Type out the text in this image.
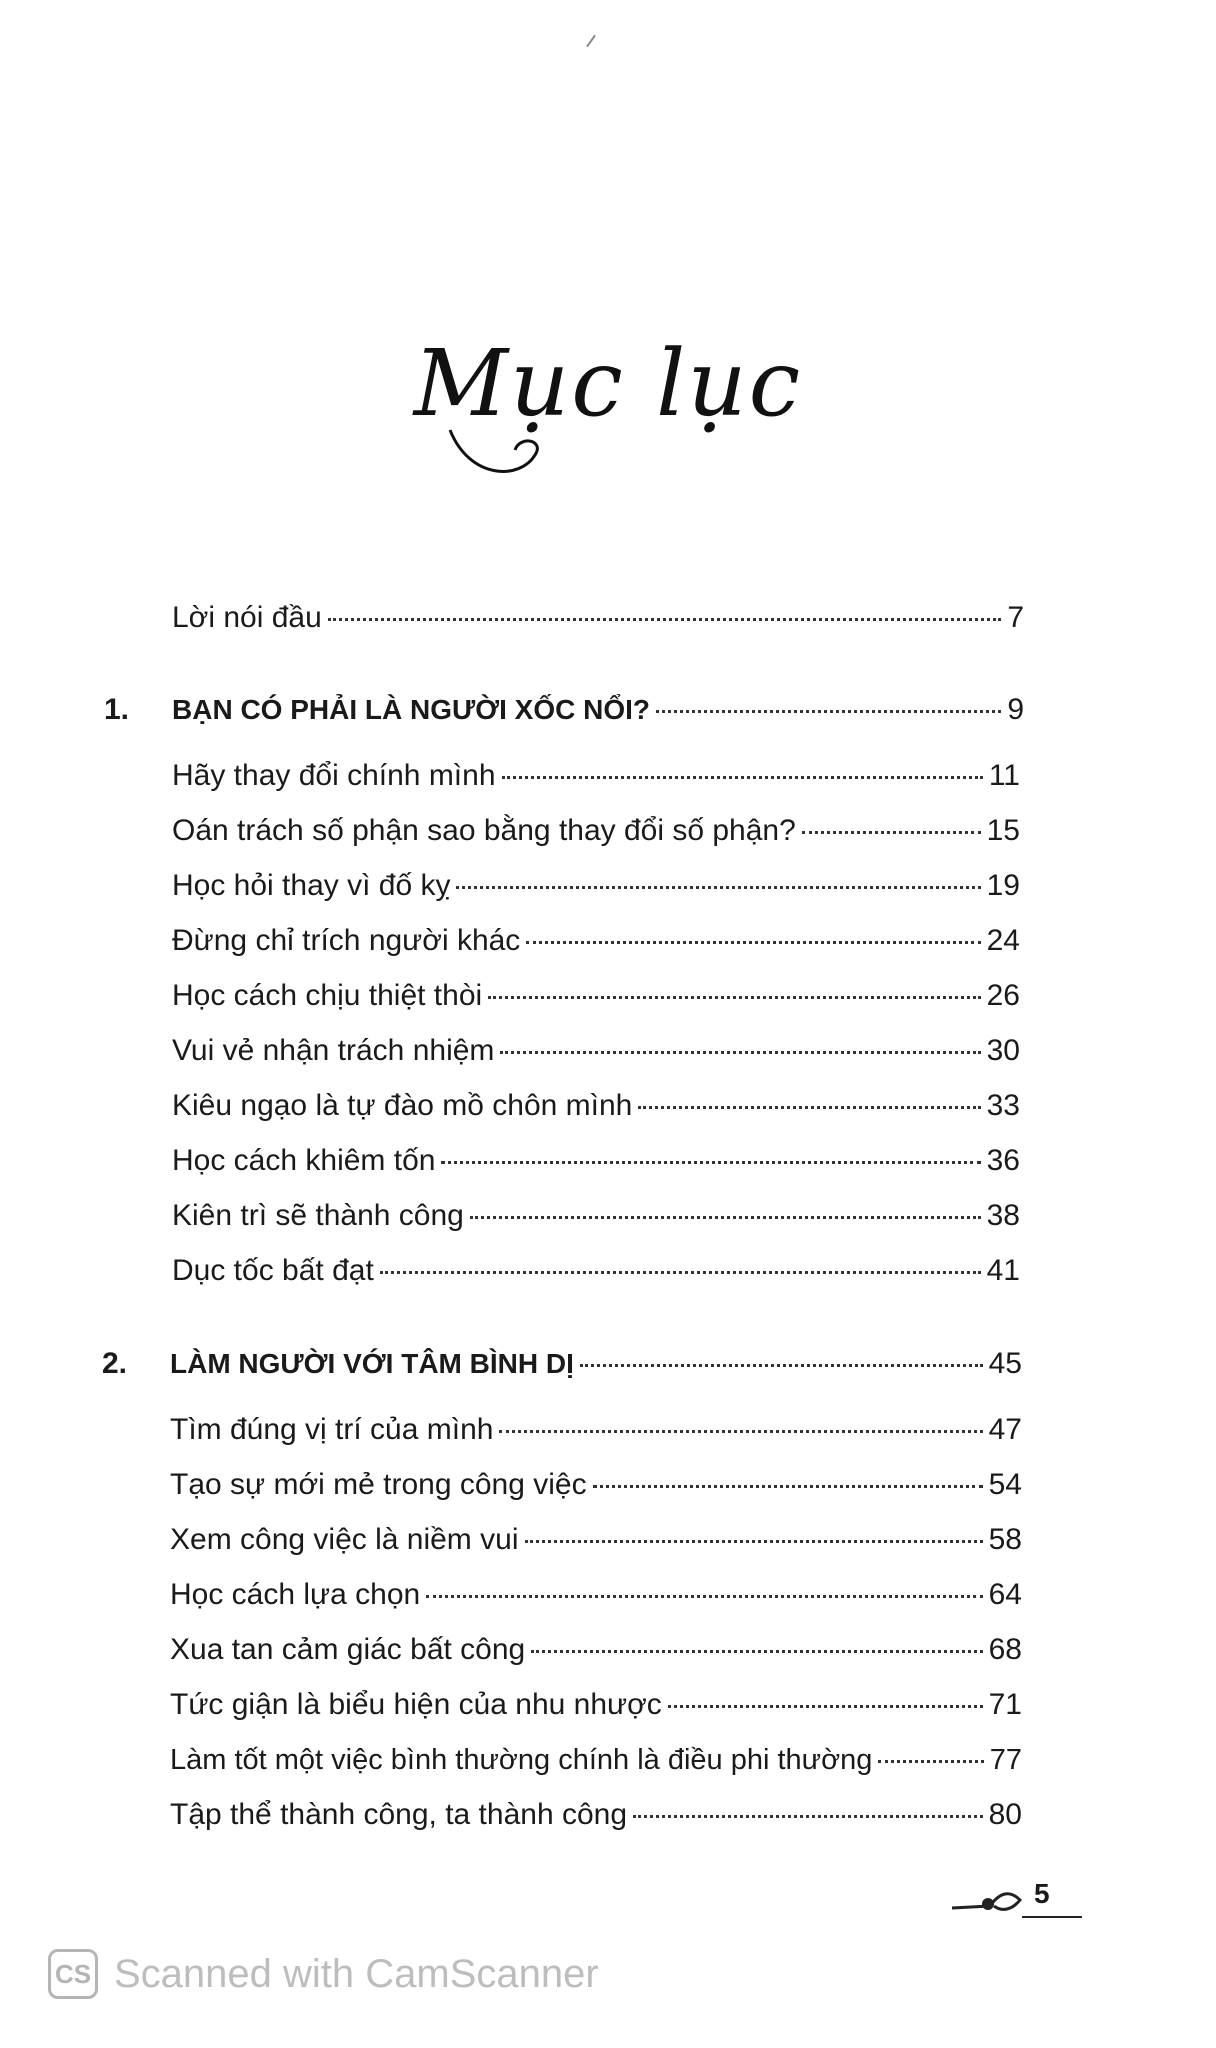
Mục lục
Lời nói đầu	7
1. BẠN CÓ PHẢI LÀ NGƯỜI XỐC NỔI?	9
Hãy thay đổi chính mình	11
Oán trách số phận sao bằng thay đổi số phận?	15
Học hỏi thay vì đố kỵ	19
Đừng chỉ trích người khác	24
Học cách chịu thiệt thòi	26
Vui vẻ nhận trách nhiệm	30
Kiêu ngạo là tự đào mồ chôn mình	33
Học cách khiêm tốn	36
Kiên trì sẽ thành công	38
Dục tốc bất đạt	41
2. LÀM NGƯỜI VỚI TÂM BÌNH DỊ	45
Tìm đúng vị trí của mình	47
Tạo sự mới mẻ trong công việc	54
Xem công việc là niềm vui	58
Học cách lựa chọn	64
Xua tan cảm giác bất công	68
Tức giận là biểu hiện của nhu nhược	71
Làm tốt một việc bình thường chính là điều phi thường	77
Tập thể thành công, ta thành công	80
5
CS Scanned with CamScanner
